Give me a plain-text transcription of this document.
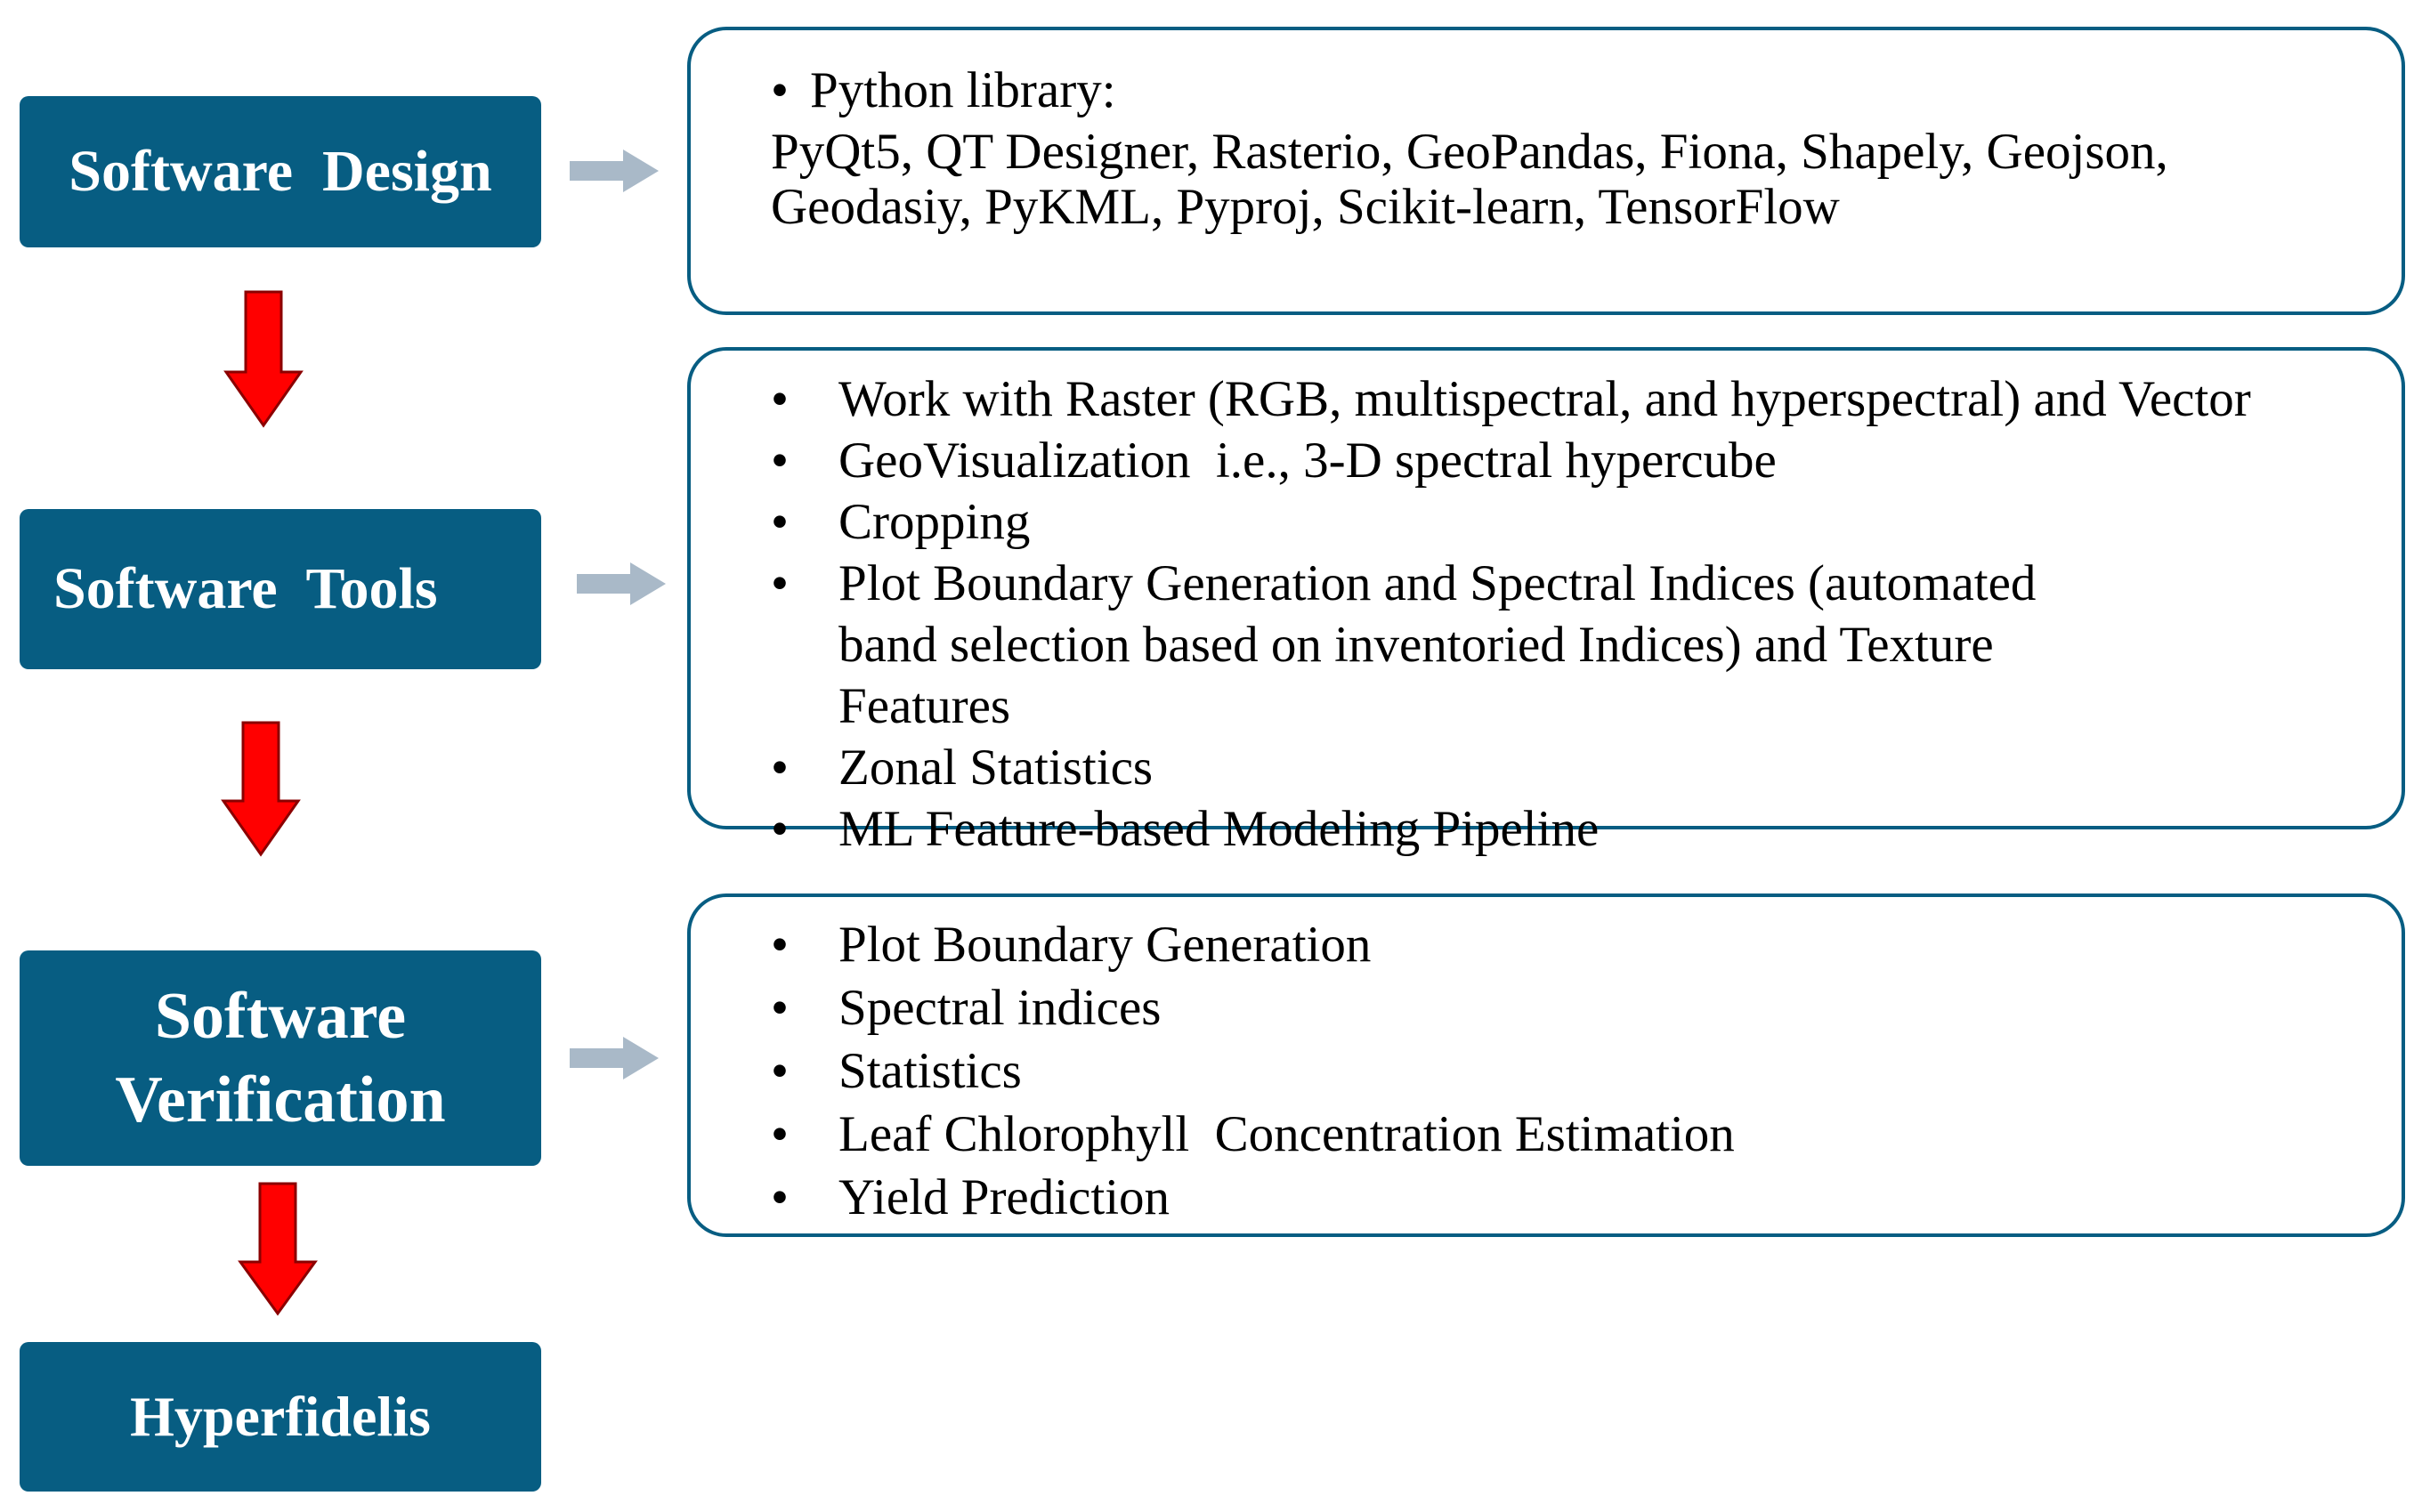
Software  Design
Software  Tools
Software
Verification
Hyperfidelis
• Python library:
PyQt5, QT Designer, Rasterio, GeoPandas, Fiona, Shapely, Geojson, Geodasiy, PyKML, Pyproj, Scikit-learn, TensorFlow
• Work with Raster (RGB, multispectral, and hyperspectral) and Vector
• GeoVisualization  i.e., 3-D spectral hypercube
• Cropping
• Plot Boundary Generation and Spectral Indices (automated band selection based on inventoried Indices) and Texture Features
• Zonal Statistics
• ML Feature-based Modeling Pipeline
• Plot Boundary Generation
• Spectral indices
• Statistics
• Leaf Chlorophyll  Concentration Estimation
• Yield Prediction
